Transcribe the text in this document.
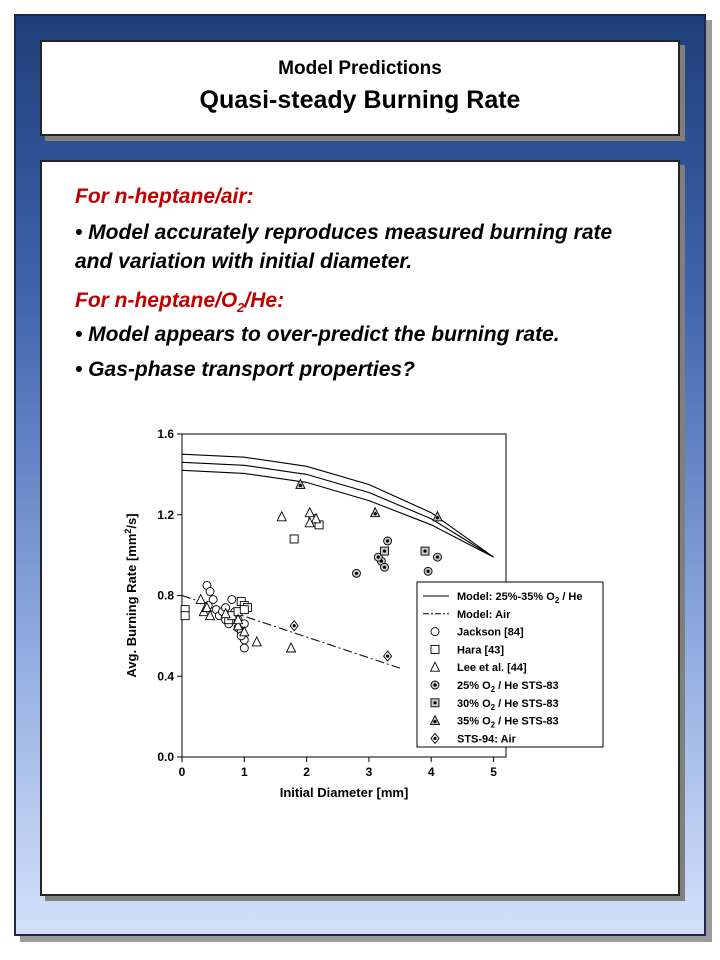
Model Predictions
Quasi-steady Burning Rate
For n-heptane/air:
• Model accurately reproduces measured burning rate and variation with initial diameter.
For $n-heptane/O_2/He$:
• Model appears to over-predict the burning rate.
• Gas-phase transport properties?
0	1	2	3	4	5
0.0
0.4
0.8
1.2
1.6
Initial Diameter [mm]
Avg. Burning Rate $[mm^2/s]$
Model: 25%-35% $O_2$ / He
Model: Air
Jackson [84]
Hara [43]
Lee et al. [44]
25% $O_2$ / He STS-83
30% $O_2$ / He STS-83
35% $O_2$ / He STS-83
STS-94: Air
